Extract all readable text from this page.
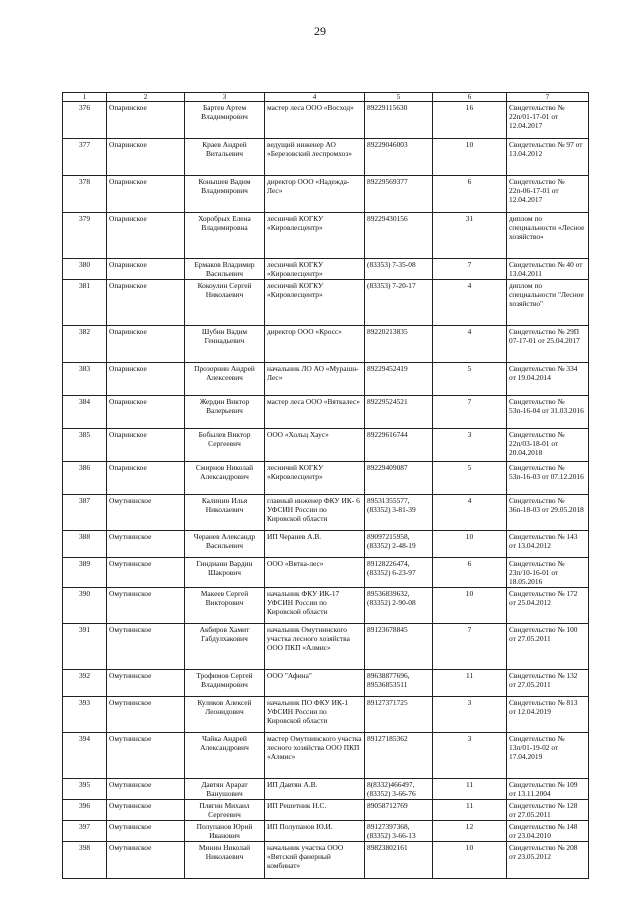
29
1	2	3	4	5	6	7
376	Опаринское	Бартев Артем Владимирович	мастер леса ООО «Восход»	89229115630	16	Свидетельство № 22п/01-17-01 от 12.04.2017
377	Опаринское	Краев Андрей Витальевич	ведущий инженер АО «Березовский леспромхоз»	89229046003	10	Свидетельство № 97 от 13.04.2012
378	Опаринское	Конышев Вадим Владимирович	директор ООО «Надежда-Лес»	89229569377	6	Свидетельство № 22п-06-17-01 от 12.04.2017
379	Опаринское	Хоробрых Елена Владимировна	лесничий КОГКУ «Кировлесцентр»	89229430156	31	диплом по специальности «Лесное хозяйство»
380	Опаринское	Ермаков Владимир Васильевич	лесничий КОГКУ «Кировлесцентр»	(83353) 7-35-08	7	Свидетельство № 40 от 13.04.2011
381	Опаринское	Кокоулин Сергей Николаевич	лесничий КОГКУ «Кировлесцентр»	(83353) 7-20-17	4	диплом по специальности "Лесное хозяйство"
382	Опаринское	Шубин Вадим Геннадьевич	директор ООО «Кросс»	89220213835	4	Свидетельство № 29П 07-17-01 от 25.04.2017
383	Опаринское	Прозорнин Андрей Алексеевич	начальник ЛО АО «Мурашн-Лес»	89229452419	5	Свидетельство № 334 от 19.04.2014
384	Опаринское	Жердин Виктор Валерьевич	мастер леса ООО «Вяткалес»	89229524521	7	Свидетельство № 53п-16-04 от 31.03.2016
385	Опаринское	Бобылев Виктор Сергеевич	ООО «Хольц Хаус»	89229616744	3	Свидетельство № 22п/03-18-01 от 20.04.2018
386	Опаринское	Смирнов Николай Александрович	лесничий КОГКУ «Кировлесцентр»	89229409087	5	Свидетельство № 53п-16-03 от 07.12.2016
387	Омутнинское	Калинин Илья Николаевич	главный инженер ФКУ ИК- 6 УФСИН России по Кировской области	89531355577, (83352) 3-81-39	4	Свидетельство № 36п-18-03 от 29.05.2018
388	Омутнинское	Черанев Александр Васильевич	ИП Черанев А.В.	89097215958, (83352) 2-48-19	10	Свидетельство № 143 от 13.04.2012
389	Омутнинское	Гиндиани Вардин Шакрович	ООО «Вятка-лес»	89128226474, (83352) 6-23-97	6	Свидетельство № 23п/10-16-01 от 18.05.2016
390	Омутнинское	Макеев Сергей Викторович	начальник ФКУ ИК-17 УФСИН России по Кировской области	89536839632, (83352) 2-90-08	10	Свидетельство № 172 от 25.04.2012
391	Омутнинское	Акбиров Хамит Габдулхакович	начальник Омутнинского участка лесного хозяйства ООО ПКП «Алмис»	89123678845	7	Свидетельство № 100 от 27.05.2011
392	Омутнинское	Трофимов Сергей Владимирович	ООО "Афина"	89638877696, 89536853511	11	Свидетельство № 132 от 27.05.2011
393	Омутнинское	Куликов Алексей Леонидович	начальник ПО ФКУ ИК-1 УФСИН России по Кировской области	89127371725	3	Свидетельство № 813 от 12.04.2019
394	Омутнинское	Чайка Андрей Александрович	мастер Омутнинского участка лесного хозяйства ООО ПКП «Алмис»	89127185362	3	Свидетельство № 13п/01-19-02 от 17.04.2019
395	Омутнинское	Давтян Арарат Ванушович	ИП Давтян А.В.	8(8332)466497, (83352) 3-66-76	11	Свидетельство № 109 от 13.11.2004
396	Омутнинское	Плягин Михаил Сергеевич	ИП Решетник Н.С.	89058712769	11	Свидетельство № 128 от 27.05.2011
397	Омутнинское	Полупанов Юрий Иванович	ИП Полупанов Ю.И.	89127397368, (83352) 3-66-13	12	Свидетельство № 148 от 23.04.2010
398	Омутнинское	Минин Николай Николаевич	начальник участка ООО «Вятский фанерный комбинат»	89823802161	10	Свидетельство № 208 от 23.05.2012
